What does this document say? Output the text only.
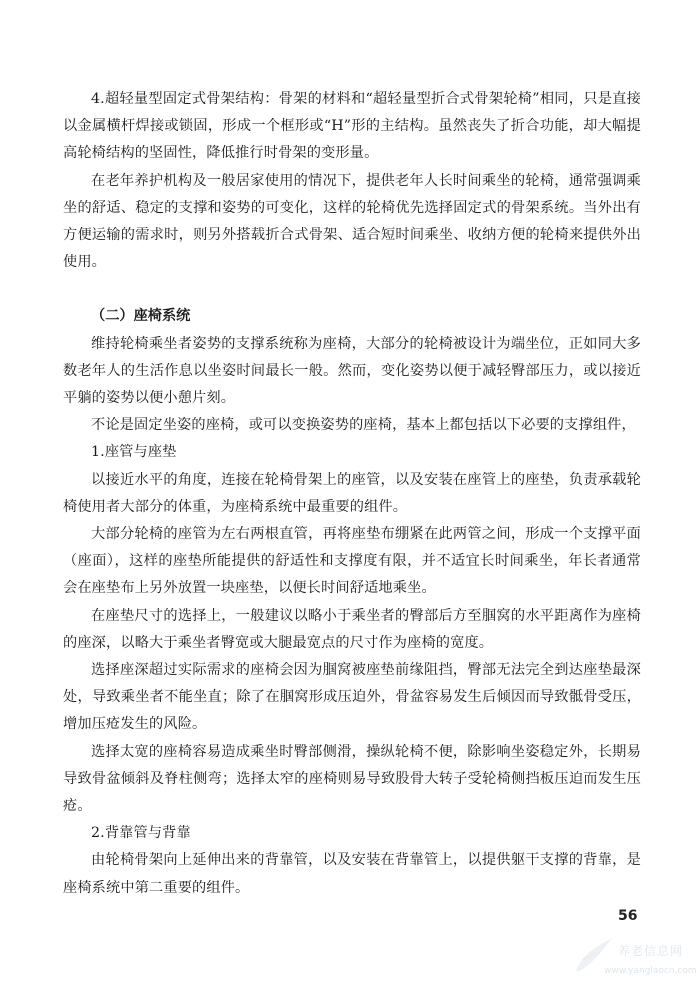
4.超轻量型固定式骨架结构：骨架的材料和“超轻量型折合式骨架轮椅”相同，只是直接以金属横杆焊接或锁固，形成一个框形或“H”形的主结构。虽然丧失了折合功能，却大幅提高轮椅结构的坚固性，降低推行时骨架的变形量。

在老年养护机构及一般居家使用的情况下，提供老年人长时间乘坐的轮椅，通常强调乘坐的舒适、稳定的支撑和姿势的可变化，这样的轮椅优先选择固定式的骨架系统。当外出有方便运输的需求时，则另外搭载折合式骨架、适合短时间乘坐、收纳方便的轮椅来提供外出使用。

（二）座椅系统

维持轮椅乘坐者姿势的支撑系统称为座椅，大部分的轮椅被设计为端坐位，正如同大多数老年人的生活作息以坐姿时间最长一般。然而，变化姿势以便于减轻臀部压力，或以接近平躺的姿势以便小憩片刻。

不论是固定坐姿的座椅，或可以变换姿势的座椅，基本上都包括以下必要的支撑组件，

1.座管与座垫

以接近水平的角度，连接在轮椅骨架上的座管，以及安装在座管上的座垫，负责承载轮椅使用者大部分的体重，为座椅系统中最重要的组件。

大部分轮椅的座管为左右两根直管，再将座垫布绷紧在此两管之间，形成一个支撑平面（座面），这样的座垫所能提供的舒适性和支撑度有限，并不适宜长时间乘坐，年长者通常会在座垫布上另外放置一块座垫，以便长时间舒适地乘坐。

在座垫尺寸的选择上，一般建议以略小于乘坐者的臀部后方至腘窝的水平距离作为座椅的座深，以略大于乘坐者臀宽或大腿最宽点的尺寸作为座椅的宽度。

选择座深超过实际需求的座椅会因为腘窝被座垫前缘阻挡，臀部无法完全到达座垫最深处，导致乘坐者不能坐直；除了在腘窝形成压迫外，骨盆容易发生后倾因而导致骶骨受压，增加压疮发生的风险。

选择太宽的座椅容易造成乘坐时臀部侧滑，操纵轮椅不便，除影响坐姿稳定外，长期易导致骨盆倾斜及脊柱侧弯；选择太窄的座椅则易导致股骨大转子受轮椅侧挡板压迫而发生压疮。

2.背靠管与背靠

由轮椅骨架向上延伸出来的背靠管，以及安装在背靠管上，以提供躯干支撑的背靠，是座椅系统中第二重要的组件。

56
养老信息网
www.yanglaocn.com
